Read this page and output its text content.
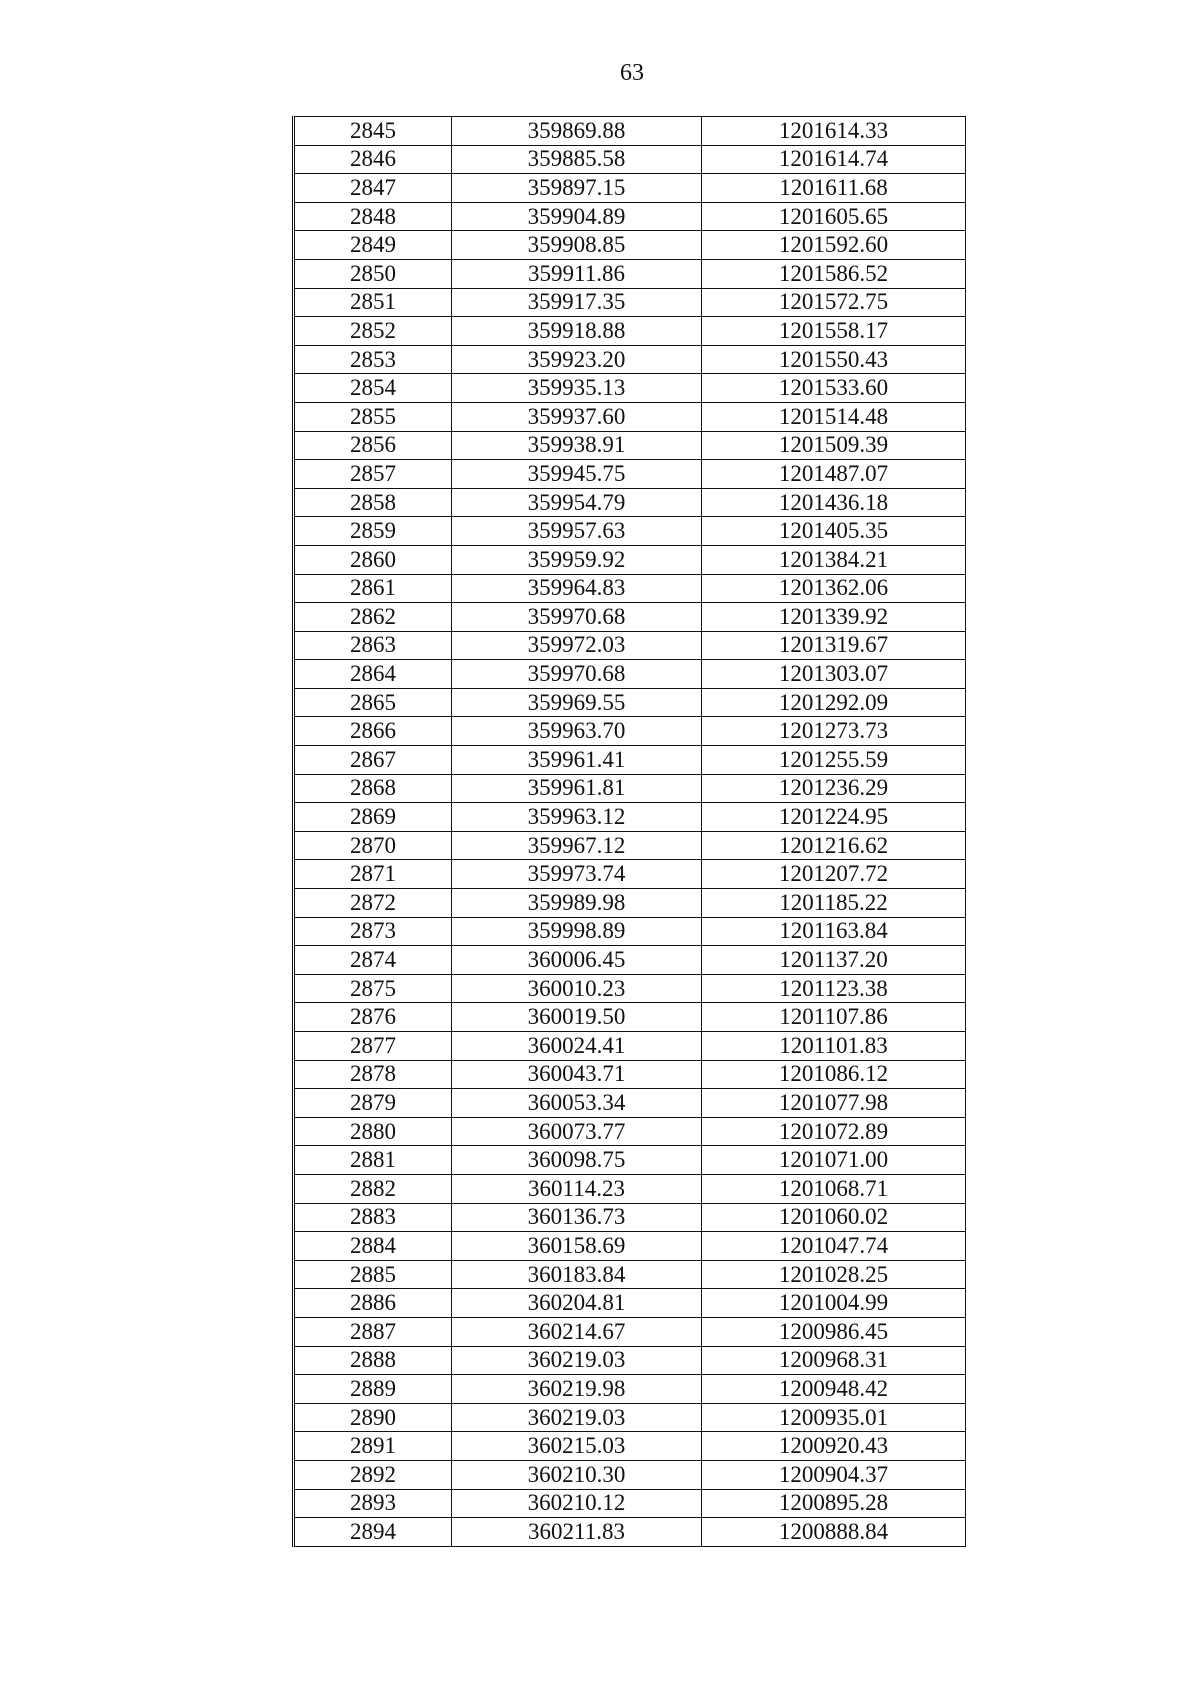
63
2845	359869.88	1201614.33
2846	359885.58	1201614.74
2847	359897.15	1201611.68
2848	359904.89	1201605.65
2849	359908.85	1201592.60
2850	359911.86	1201586.52
2851	359917.35	1201572.75
2852	359918.88	1201558.17
2853	359923.20	1201550.43
2854	359935.13	1201533.60
2855	359937.60	1201514.48
2856	359938.91	1201509.39
2857	359945.75	1201487.07
2858	359954.79	1201436.18
2859	359957.63	1201405.35
2860	359959.92	1201384.21
2861	359964.83	1201362.06
2862	359970.68	1201339.92
2863	359972.03	1201319.67
2864	359970.68	1201303.07
2865	359969.55	1201292.09
2866	359963.70	1201273.73
2867	359961.41	1201255.59
2868	359961.81	1201236.29
2869	359963.12	1201224.95
2870	359967.12	1201216.62
2871	359973.74	1201207.72
2872	359989.98	1201185.22
2873	359998.89	1201163.84
2874	360006.45	1201137.20
2875	360010.23	1201123.38
2876	360019.50	1201107.86
2877	360024.41	1201101.83
2878	360043.71	1201086.12
2879	360053.34	1201077.98
2880	360073.77	1201072.89
2881	360098.75	1201071.00
2882	360114.23	1201068.71
2883	360136.73	1201060.02
2884	360158.69	1201047.74
2885	360183.84	1201028.25
2886	360204.81	1201004.99
2887	360214.67	1200986.45
2888	360219.03	1200968.31
2889	360219.98	1200948.42
2890	360219.03	1200935.01
2891	360215.03	1200920.43
2892	360210.30	1200904.37
2893	360210.12	1200895.28
2894	360211.83	1200888.84
